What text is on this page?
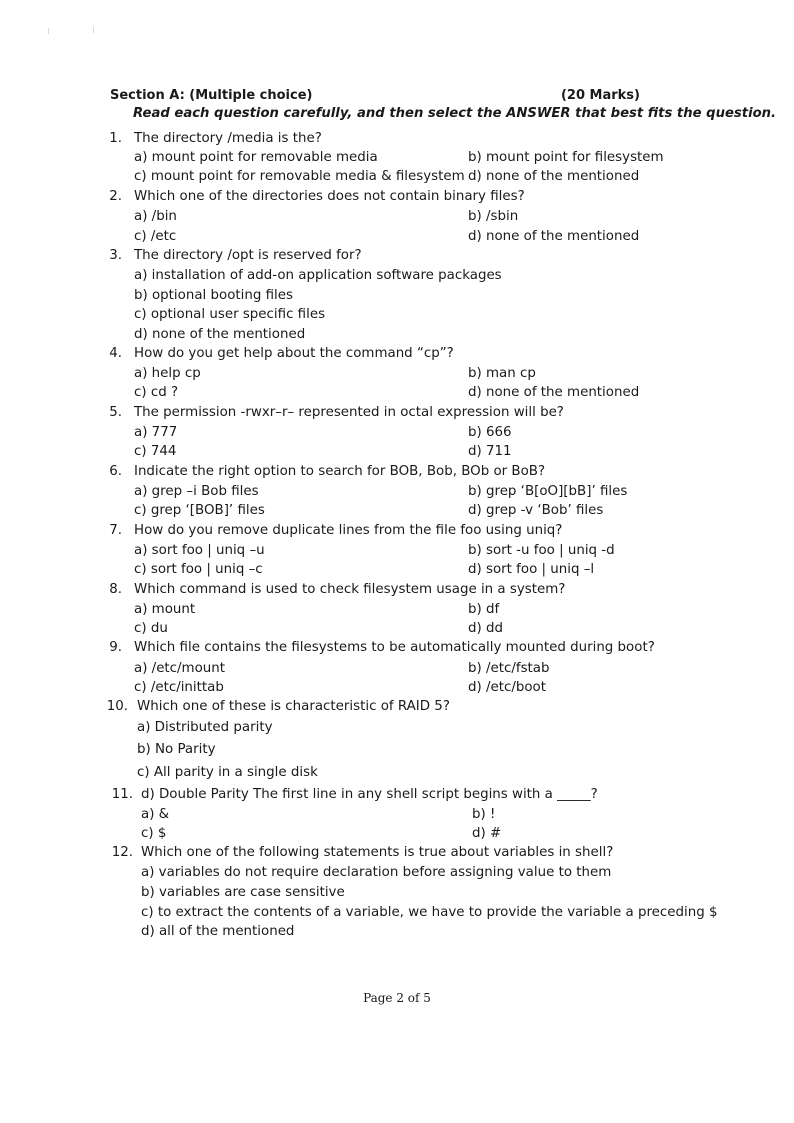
Section A: (Multiple choice)	(20 Marks)
Read each question carefully, and then select the ANSWER that best fits the question.
1. The directory /media is the?
a) mount point for removable media	b) mount point for filesystem
c) mount point for removable media & filesystem d) none of the mentioned
2. Which one of the directories does not contain binary files?
a) /bin	b) /sbin
c) /etc	d) none of the mentioned
3. The directory /opt is reserved for?
a) installation of add-on application software packages
b) optional booting files
c) optional user specific files
d) none of the mentioned
4. How do you get help about the command “cp”?
a) help cp	b) man cp
c) cd ?	d) none of the mentioned
5. The permission -rwxr–r– represented in octal expression will be?
a) 777	b) 666
c) 744	d) 711
6. Indicate the right option to search for BOB, Bob, BOb or BoB?
a) grep –i Bob files	b) grep ‘B[oO][bB]’ files
c) grep ‘[BOB]’ files	d) grep -v ‘Bob’ files
7. How do you remove duplicate lines from the file foo using uniq?
a) sort foo | uniq –u	b) sort -u foo | uniq -d
c) sort foo | uniq –c	d) sort foo | uniq –l
8. Which command is used to check filesystem usage in a system?
a) mount	b) df
c) du	d) dd
9. Which file contains the filesystems to be automatically mounted during boot?
a) /etc/mount	b) /etc/fstab
c) /etc/inittab	d) /etc/boot
10. Which one of these is characteristic of RAID 5?
a) Distributed parity
b) No Parity
c) All parity in a single disk
11. d) Double Parity The first line in any shell script begins with a _____?
a) &	b) !
c) $	d) #
12. Which one of the following statements is true about variables in shell?
a) variables do not require declaration before assigning value to them
b) variables are case sensitive
c) to extract the contents of a variable, we have to provide the variable a preceding $
d) all of the mentioned
Page 2 of 5
